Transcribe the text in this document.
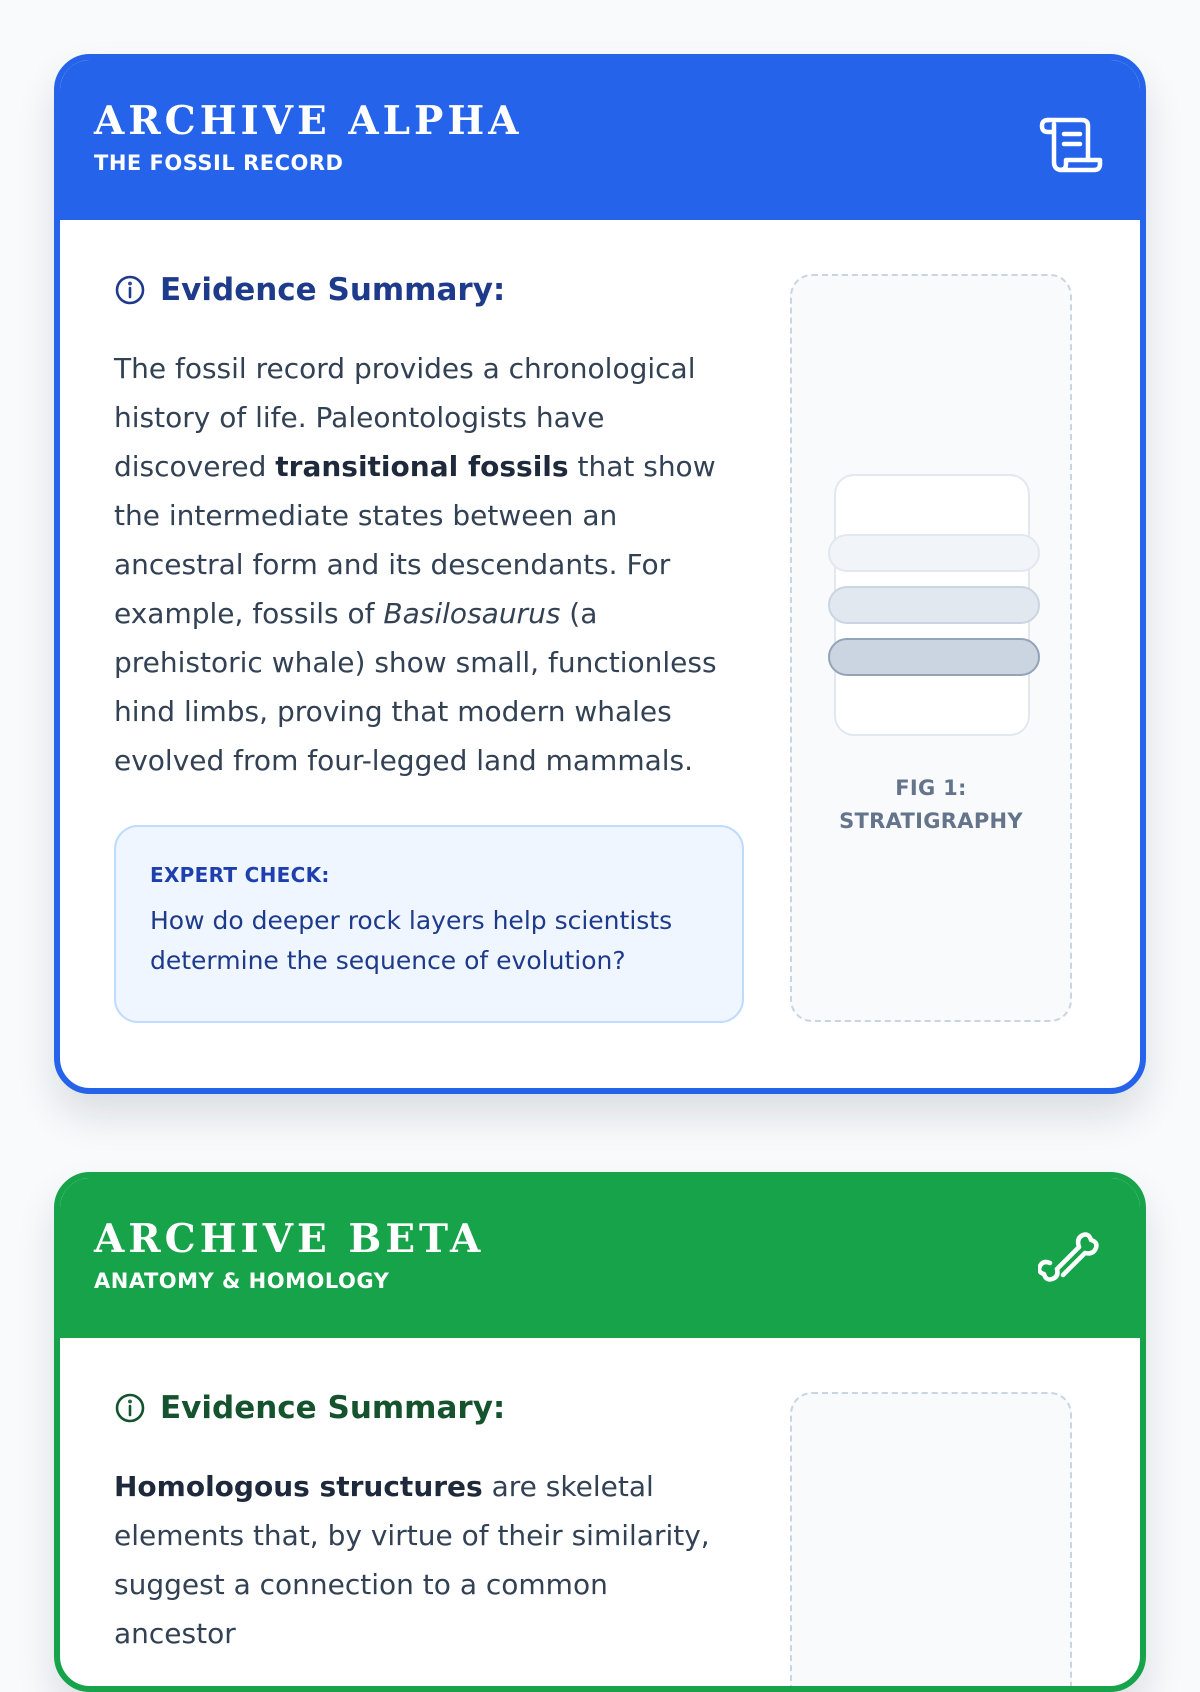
ARCHIVE ALPHA
THE FOSSIL RECORD
Evidence Summary:
The fossil record provides a chronological history of life. Paleontologists have discovered transitional fossils that show the intermediate states between an ancestral form and its descendants. For example, fossils of Basilosaurus (a prehistoric whale) show small, functionless hind limbs, proving that modern whales evolved from four-legged land mammals.
EXPERT CHECK:
How do deeper rock layers help scientists determine the sequence of evolution?
FIG 1:
STRATIGRAPHY
ARCHIVE BETA
ANATOMY & HOMOLOGY
Evidence Summary:
Homologous structures are skeletal elements that, by virtue of their similarity, suggest a connection to a common ancestor
